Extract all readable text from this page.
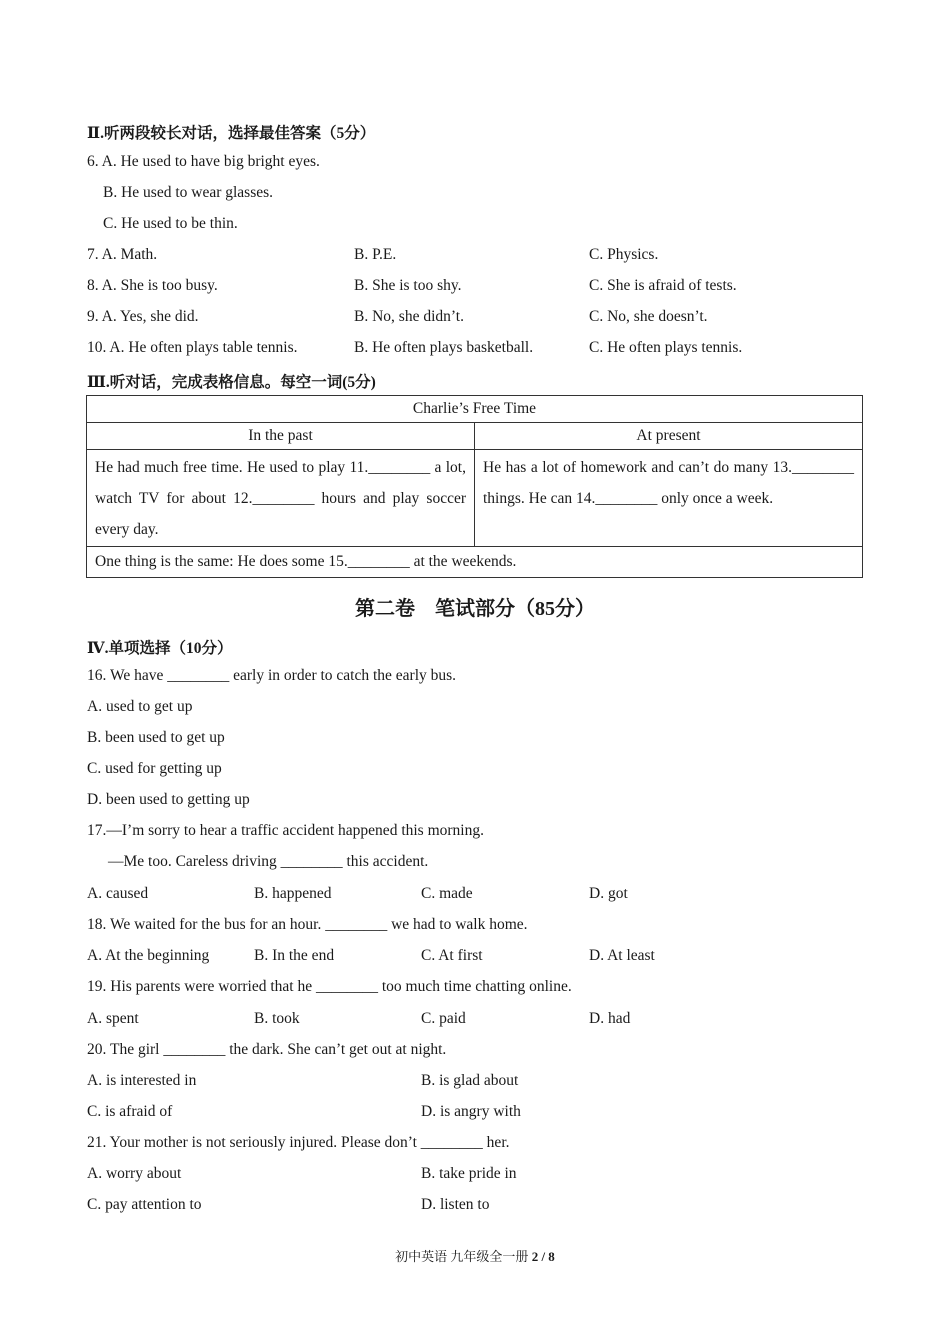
Ⅱ.听两段较长对话，选择最佳答案（5分）
6. A. He used to have big bright eyes.
B. He used to wear glasses.
C. He used to be thin.
7. A. Math.	B. P.E.	C. Physics.
8. A. She is too busy.	B. She is too shy.	C. She is afraid of tests.
9. A. Yes, she did.	B. No, she didn’t.	C. No, she doesn’t.
10. A. He often plays table tennis.	B. He often plays basketball.	C. He often plays tennis.
Ⅲ.听对话，完成表格信息。每空一词(5分)
Charlie’s Free Time	
In the past	At present
He had much free time. He used to play 11.________ a lot, watch TV for about 12.________ hours and play soccer every day.	He has a lot of homework and can’t do many 13.________ things. He can 14.________ only once a week.
One thing is the same: He does some 15.________ at the weekends.	
第二卷　笔试部分（85分）
Ⅳ.单项选择（10分）
16. We have ________ early in order to catch the early bus.
A. used to get up
B. been used to get up
C. used for getting up
D. been used to getting up
17.—I’m sorry to hear a traffic accident happened this morning.
—Me too. Careless driving ________ this accident.
A. caused	B. happened	C. made	D. got
18. We waited for the bus for an hour. ________ we had to walk home.
A. At the beginning	B. In the end	C. At first	D. At least
19. His parents were worried that he ________ too much time chatting online.
A. spent	B. took	C. paid	D. had
20. The girl ________ the dark. She can’t get out at night.
A. is interested in	B. is glad about
C. is afraid of	D. is angry with
21. Your mother is not seriously injured. Please don’t ________ her.
A. worry about	B. take pride in
C. pay attention to	D. listen to
初中英语 九年级全一册 2 / 8
